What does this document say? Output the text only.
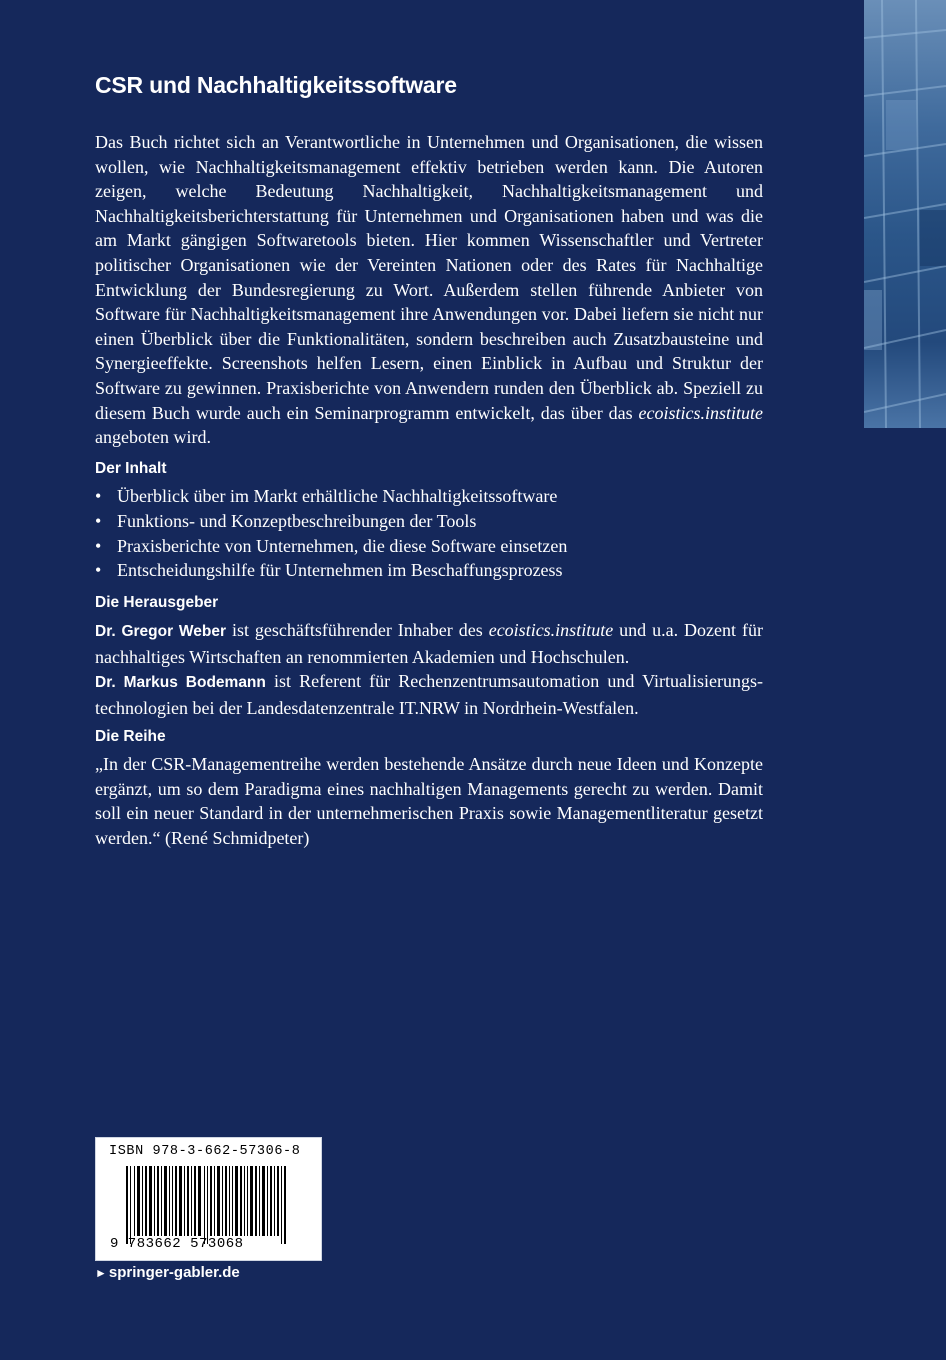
CSR und Nachhaltigkeitssoftware

Das Buch richtet sich an Verantwortliche in Unternehmen und Organisationen, die wissen wollen, wie Nachhaltigkeitsmanagement effektiv betrieben werden kann. Die Autoren zeigen, welche Bedeutung Nachhaltigkeit, Nachhaltigkeitsmanagement und Nachhaltigkeitsberichterstattung für Unternehmen und Organisationen haben und was die am Markt gängigen Softwaretools bieten. Hier kommen Wissenschaftler und Vertreter politischer Organisationen wie der Vereinten Nationen oder des Rates für Nachhaltige Entwicklung der Bundesregierung zu Wort. Außerdem stellen führende Anbieter von Software für Nachhaltigkeitsmanagement ihre Anwendungen vor. Dabei liefern sie nicht nur einen Überblick über die Funktionalitäten, sondern beschreiben auch Zusatzbausteine und Synergieeffekte. Screenshots helfen Lesern, einen Einblick in Aufbau und Struktur der Software zu gewinnen. Praxisberichte von Anwendern runden den Überblick ab. Speziell zu diesem Buch wurde auch ein Seminarprogramm entwickelt, das über das ecoistics.institute angeboten wird.

Der Inhalt
• Überblick über im Markt erhältliche Nachhaltigkeitssoftware
• Funktions- und Konzeptbeschreibungen der Tools
• Praxisberichte von Unternehmen, die diese Software einsetzen
• Entscheidungshilfe für Unternehmen im Beschaffungsprozess
Die Herausgeber

Dr. Gregor Weber ist geschäftsführender Inhaber des ecoistics.institute und u.a. Dozent für nachhaltiges Wirtschaften an renommierten Akademien und Hochschulen.

Dr. Markus Bodemann ist Referent für Rechenzentrumsautomation und Virtualisierungstechnologien bei der Landesdatenzentrale IT.NRW in Nordrhein-Westfalen.

Die Reihe

„In der CSR-Managementreihe werden bestehende Ansätze durch neue Ideen und Konzepte ergänzt, um so dem Paradigma eines nachhaltigen Managements gerecht zu werden. Damit soll ein neuer Standard in der unternehmerischen Praxis sowie Managementliteratur gesetzt werden.“ (René Schmidpeter)

ISBN 978-3-662-57306-8
9 783662 573068
► springer-gabler.de
